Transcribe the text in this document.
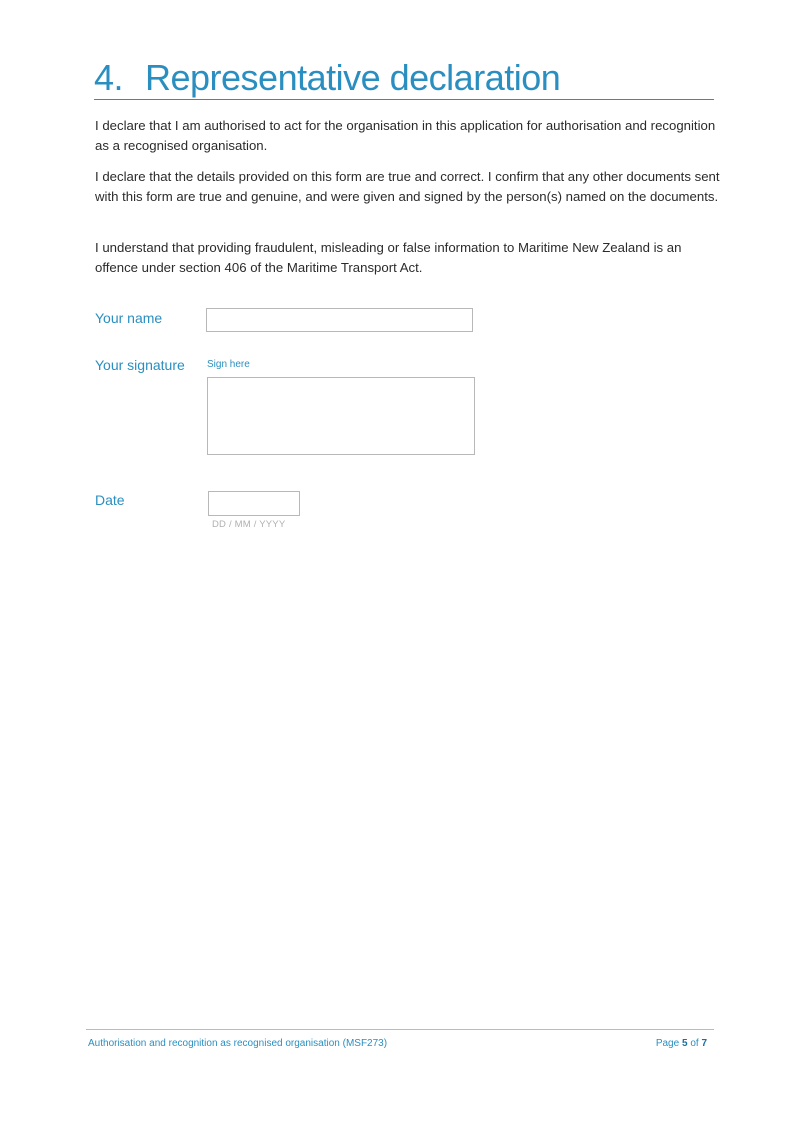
4. Representative declaration

I declare that I am authorised to act for the organisation in this application for authorisation and recognition as a recognised organisation.

I declare that the details provided on this form are true and correct. I confirm that any other documents sent with this form are true and genuine, and were given and signed by the person(s) named on the documents.

I understand that providing fraudulent, misleading or false information to Maritime New Zealand is an offence under section 406 of the Maritime Transport Act.

Your name
Your signature Sign here
Date
DD / MM / YYYY
Authorisation and recognition as recognised organisation (MSF273)	Page 5 of 7
